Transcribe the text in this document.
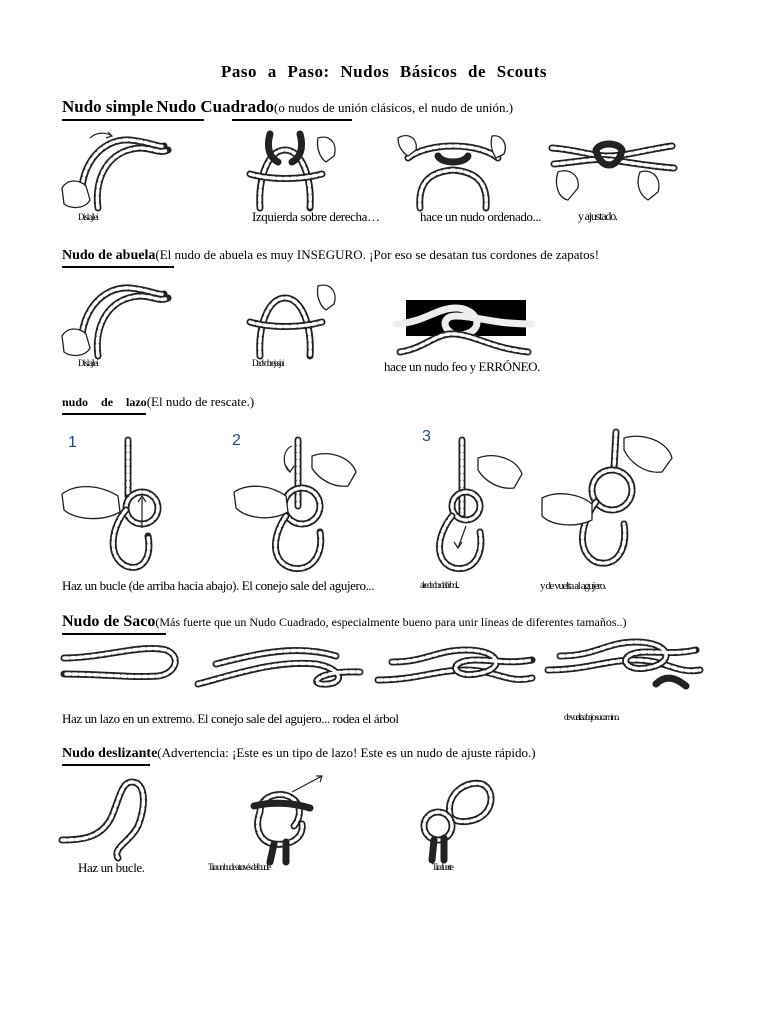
Paso a Paso: Nudos Básicos de Scouts
Nudo simple Nudo Cuadrado(o nudos de unión clásicos, el nudo de unión.)
Dislajlei	Izquierda sobre derecha…	hace un nudo ordenado...	y ajustado.
Nudo de abuela(El nudo de abuela es muy INSEGURO. ¡Por eso se desatan tus cordones de zapatos!
Dislajlei	Dadsobrejasjai	hace un nudo feo y ERRÓNEO.
nudo de lazo(El nudo de rescate.)
1	2	3
Haz un bucle (de arriba hacia abajo). El conejo sale del agujero...	alrededordelárbol...	y de vuelta al agujero.
Nudo de Saco(Más fuerte que un Nudo Cuadrado, especialmente bueno para unir líneas de diferentes tamaños..)
Haz un lazo en un extremo. El conejo sale del agujero... rodea el árbol	de vuelta abajo su camino.
Nudo deslizante(Advertencia: ¡Este es un tipo de lazo! Este es un nudo de ajuste rápido.)
Haz un bucle.	Tira un bucle a través del bucle	Tira fuerte
